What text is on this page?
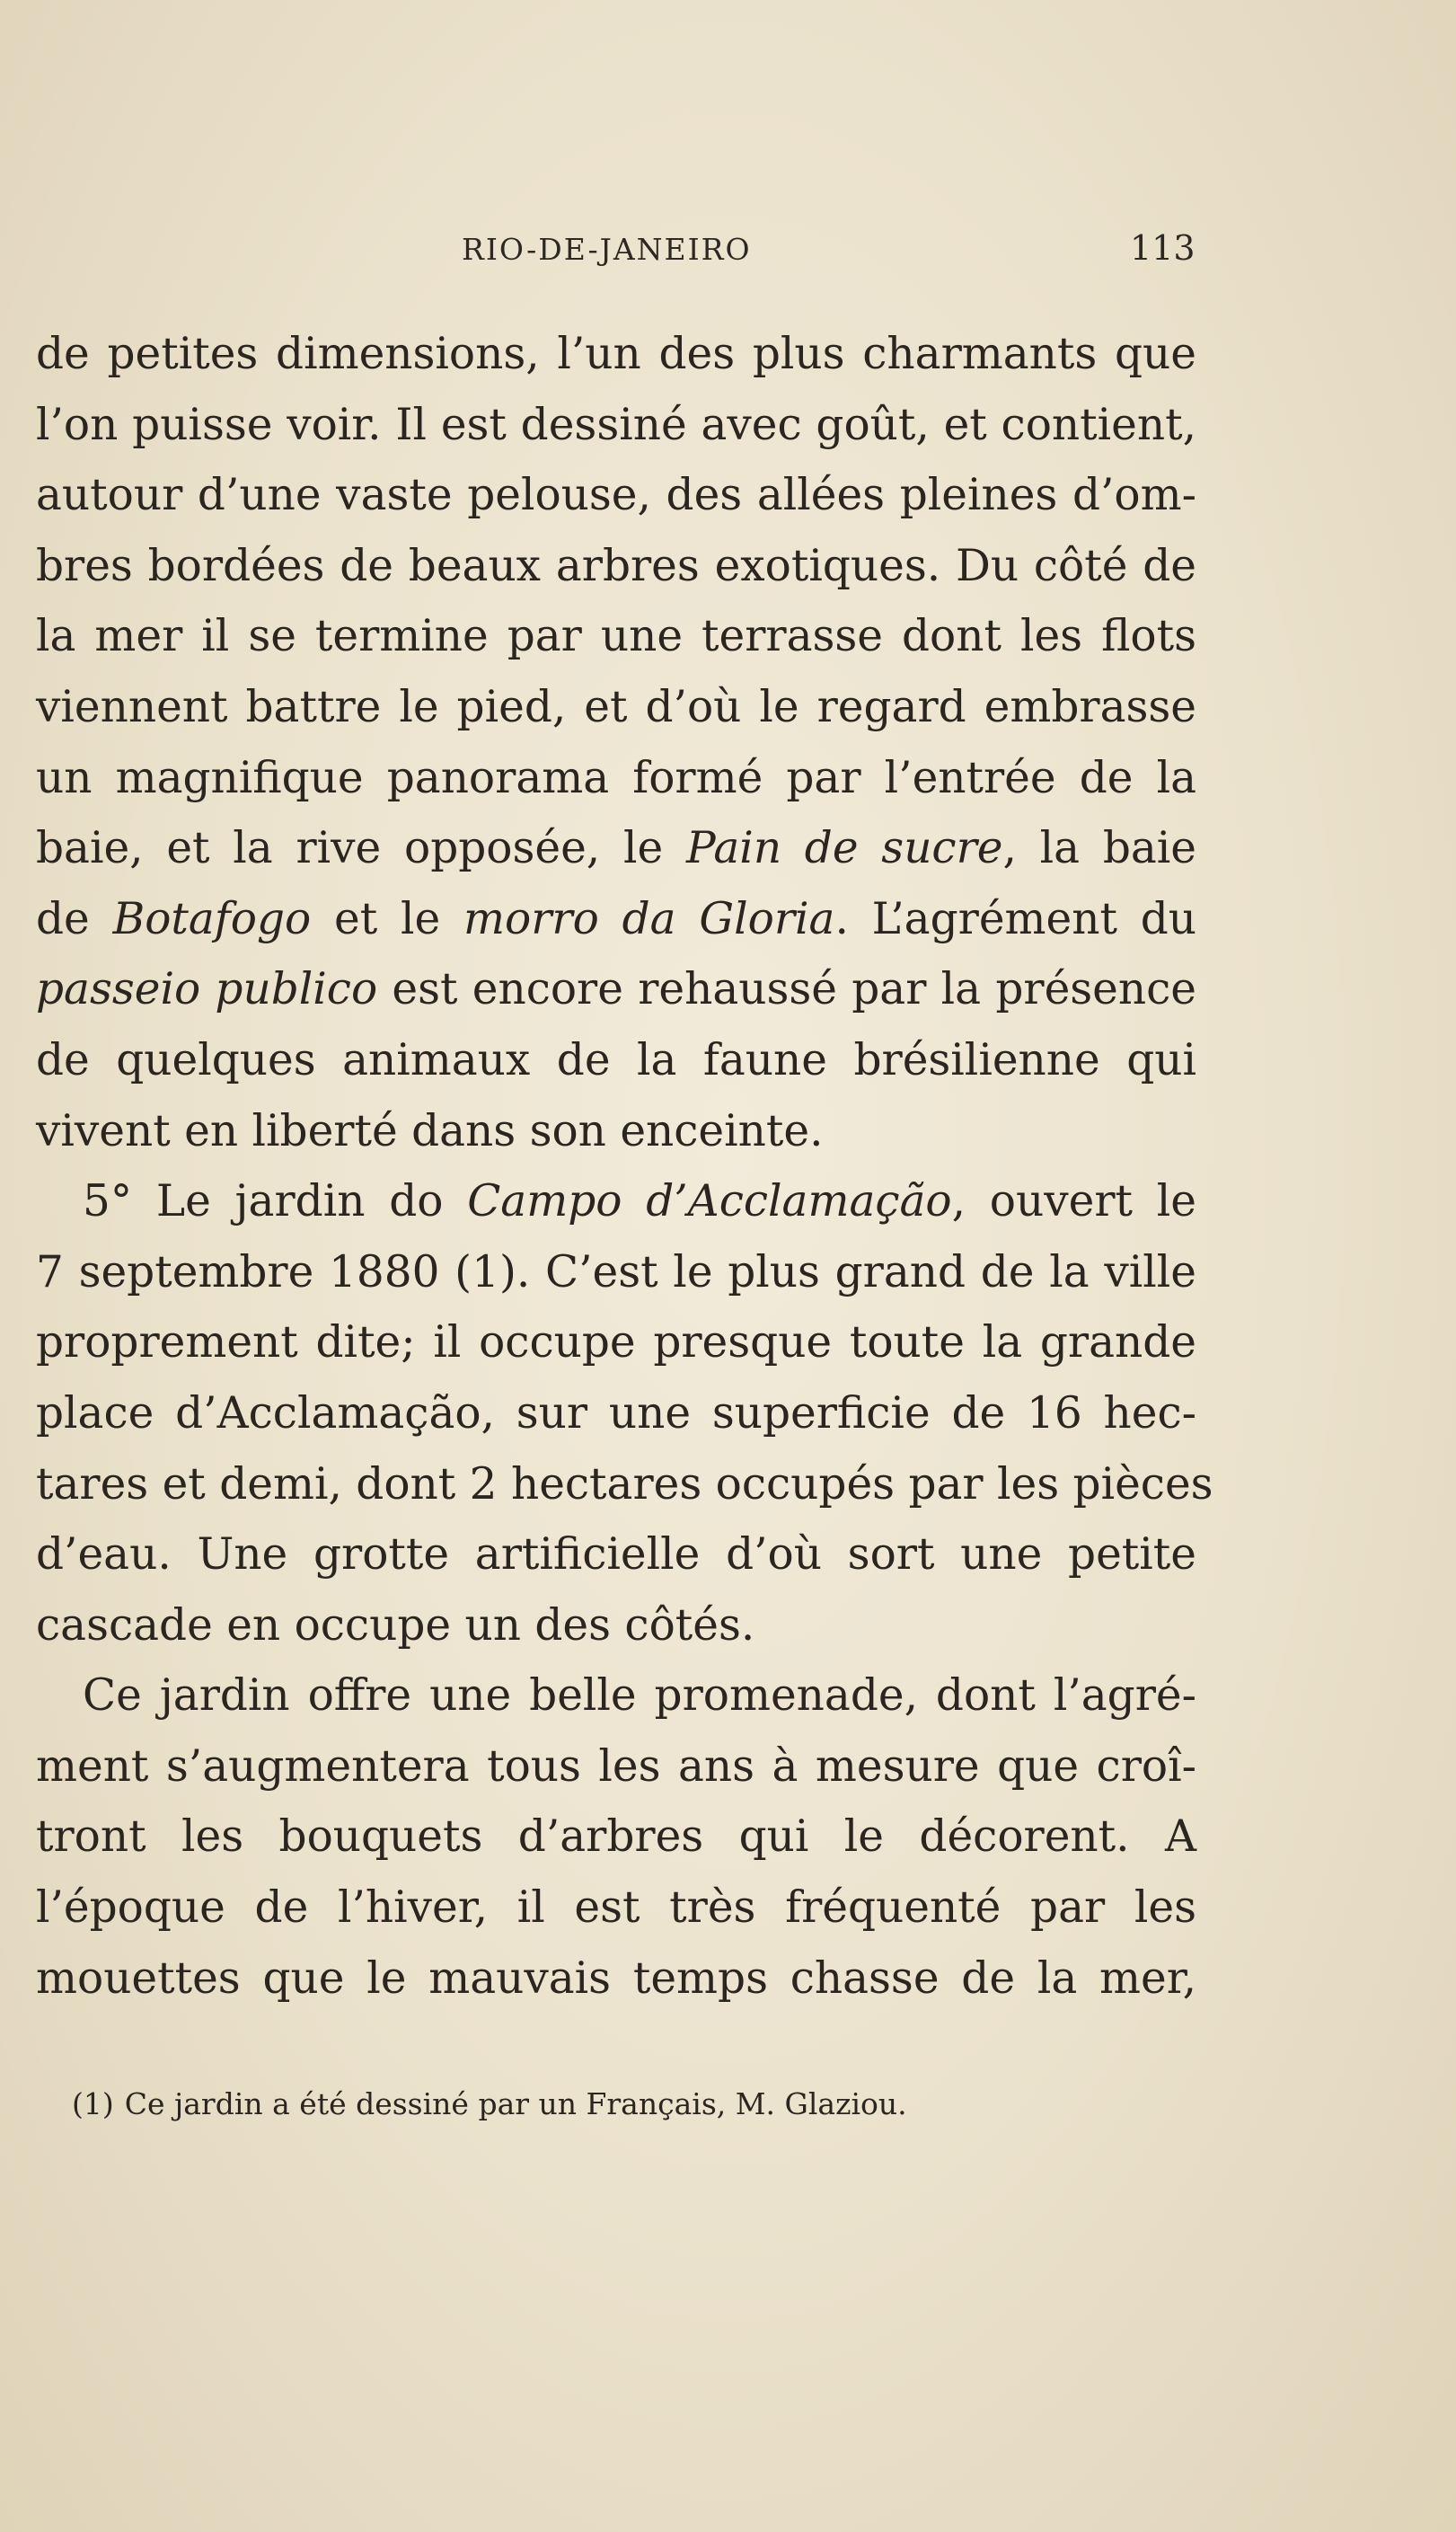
RIO-DE-JANEIRO	113

de petites dimensions, l’un des plus charmants que
l’on puisse voir. Il est dessiné avec goût, et contient,
autour d’une vaste pelouse, des allées pleines d’om-
bres bordées de beaux arbres exotiques. Du côté de
la mer il se termine par une terrasse dont les flots
viennent battre le pied, et d’où le regard embrasse
un magnifique panorama formé par l’entrée de la
baie, et la rive opposée, le Pain de sucre, la baie
de Botafogo et le morro da Gloria. L’agrément du
passeio publico est encore rehaussé par la présence
de quelques animaux de la faune brésilienne qui
vivent en liberté dans son enceinte.

5° Le jardin do Campo d’Acclamação, ouvert le
7 septembre 1880 (1). C’est le plus grand de la ville
proprement dite; il occupe presque toute la grande
place d’Acclamação, sur une superficie de 16 hec-
tares et demi, dont 2 hectares occupés par les pièces
d’eau. Une grotte artificielle d’où sort une petite
cascade en occupe un des côtés.

Ce jardin offre une belle promenade, dont l’agré-
ment s’augmentera tous les ans à mesure que croî-
tront les bouquets d’arbres qui le décorent. A
l’époque de l’hiver, il est très fréquenté par les
mouettes que le mauvais temps chasse de la mer,

(1) Ce jardin a été dessiné par un Français, M. Glaziou.
